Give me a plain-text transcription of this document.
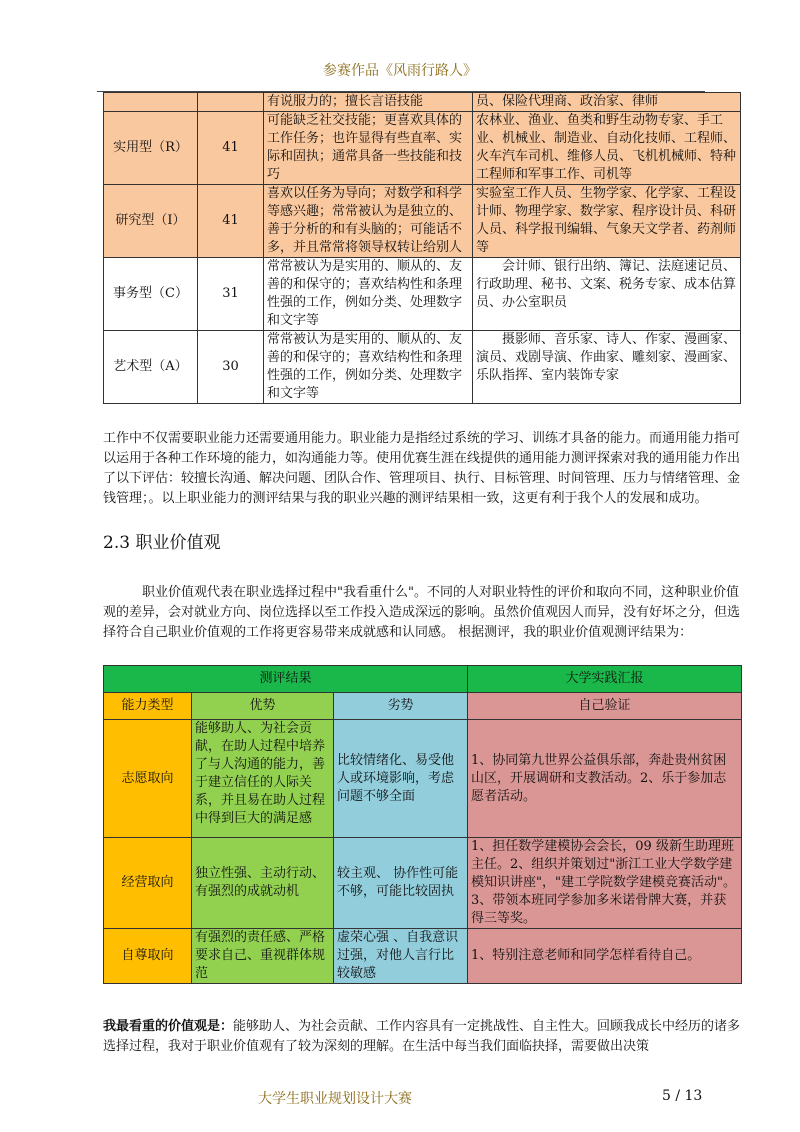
参赛作品《风雨行路人》
		有说服力的；擅长言语技能	员、保险代理商、政治家、律师
实用型（R）	41	可能缺乏社交技能；更喜欢具体的工作任务；也许显得有些直率、实际和固执；通常具备一些技能和技巧	农林业、渔业、鱼类和野生动物专家、手工业、机械业、制造业、自动化技师、工程师、火车汽车司机、维修人员、飞机机械师、特种工程师和军事工作、司机等
研究型（I）	41	喜欢以任务为导向；对数学和科学等感兴趣；常常被认为是独立的、善于分析的和有头脑的；可能话不多，并且常常将领导权转让给别人	实验室工作人员、生物学家、化学家、工程设计师、物理学家、数学家、程序设计员、科研人员、科学报刊编辑、气象天文学者、药剂师等
事务型（C）	31	常常被认为是实用的、顺从的、友善的和保守的；喜欢结构性和条理性强的工作，例如分类、处理数字和文字等	会计师、银行出纳、簿记、法庭速记员、行政助理、秘书、文案、税务专家、成本估算员、办公室职员
艺术型（A）	30	常常被认为是实用的、顺从的、友善的和保守的；喜欢结构性和条理性强的工作，例如分类、处理数字和文字等	摄影师、音乐家、诗人、作家、漫画家、演员、戏剧导演、作曲家、雕刻家、漫画家、乐队指挥、室内装饰专家

工作中不仅需要职业能力还需要通用能力。职业能力是指经过系统的学习、训练才具备的能力。而通用能力指可以运用于各种工作环境的能力，如沟通能力等。使用优赛生涯在线提供的通用能力测评探索对我的通用能力作出了以下评估：较擅长沟通、解决问题、团队合作、管理项目、执行、目标管理、时间管理、压力与情绪管理、金钱管理；。以上职业能力的测评结果与我的职业兴趣的测评结果相一致，这更有利于我个人的发展和成功。

2.3 职业价值观

职业价值观代表在职业选择过程中"我看重什么"。不同的人对职业特性的评价和取向不同，这种职业价值观的差异，会对就业方向、岗位选择以至工作投入造成深远的影响。虽然价值观因人而异，没有好坏之分，但选择符合自己职业价值观的工作将更容易带来成就感和认同感。 根据测评，我的职业价值观测评结果为：

测评结果			大学实践汇报
能力类型	优势	劣势	自己验证
志愿取向	能够助人、为社会贡献，在助人过程中培养了与人沟通的能力，善于建立信任的人际关系，并且易在助人过程中得到巨大的满足感	比较情绪化、易受他人或环境影响，考虑问题不够全面	1、协同第九世界公益俱乐部，奔赴贵州贫困山区，开展调研和支教活动。2、乐于参加志愿者活动。
经营取向	独立性强、主动行动、有强烈的成就动机	较主观、 协作性可能不够，可能比较固执	1、担任数学建模协会会长，09 级新生助理班主任。2、组织并策划过"浙江工业大学数学建模知识讲座"，"建工学院数学建模竞赛活动"。3、带领本班同学参加多米诺骨牌大赛，并获得三等奖。
自尊取向	有强烈的责任感、严格要求自己、重视群体规范	虚荣心强 、自我意识过强，对他人言行比较敏感	1、特别注意老师和同学怎样看待自己。

我最看重的价值观是：能够助人、为社会贡献、工作内容具有一定挑战性、自主性大。回顾我成长中经历的诸多选择过程，我对于职业价值观有了较为深刻的理解。在生活中每当我们面临抉择，需要做出决策

大学生职业规划设计大赛	5 / 13
